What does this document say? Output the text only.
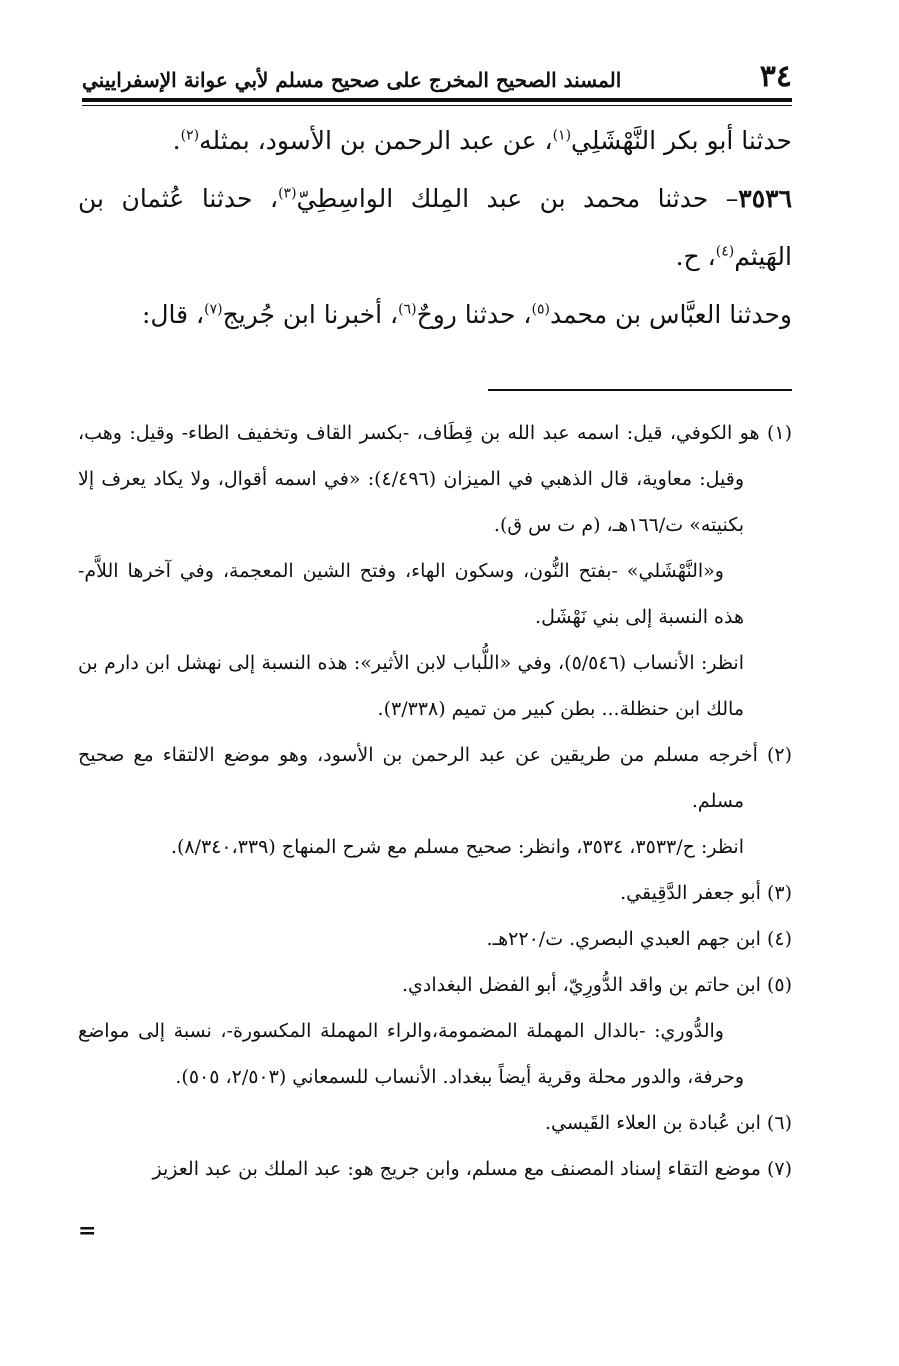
٣٤
المسند الصحيح المخرج على صحيح مسلم لأبي عوانة الإسفراييني

حدثنا أبو بكر النَّهْشَلِي$^{(١)}$، عن عبد الرحمن بن الأسود، بمثله$^{(٢)}$.

٣٥٣٦– حدثنا محمد بن عبد المِلك الواسِطِيّ$^{(٣)}$، حدثنا عُثمان بن الهَيثم$^{(٤)}$، ح.

وحدثنا العبَّاس بن محمد$^{(٥)}$، حدثنا روحٌ$^{(٦)}$، أخبرنا ابن جُريج$^{(٧)}$، قال:

(١) هو الكوفي، قيل: اسمه عبد الله بن قِطَاف، -بكسر القاف وتخفيف الطاء- وقيل: وهب، وقيل: معاوية، قال الذهبي في الميزان (٤/٤٩٦): «في اسمه أقوال، ولا يكاد يعرف إلا بكنيته» ت/١٦٦هـ، (م ت س ق).

و«النَّهْشَلي» -بفتح النُّون، وسكون الهاء، وفتح الشين المعجمة، وفي آخرها اللاَّم- هذه النسبة إلى بني نَهْشَل.

انظر: الأنساب (٥/٥٤٦)، وفي «اللُّباب لابن الأثير»: هذه النسبة إلى نهشل ابن دارم بن مالك ابن حنظلة... بطن كبير من تميم (٣/٣٣٨).

(٢) أخرجه مسلم من طريقين عن عبد الرحمن بن الأسود، وهو موضع الالتقاء مع صحيح مسلم.

انظر: ح/٣٥٣٣، ٣٥٣٤، وانظر: صحيح مسلم مع شرح المنهاج (٨/٣٤٠،٣٣٩).

(٣) أبو جعفر الدَّقِيقي.

(٤) ابن جهم العبدي البصري. ت/٢٢٠هـ.

(٥) ابن حاتم بن واقد الدُّورِيّ، أبو الفضل البغدادي.

والدُّوري: -بالدال المهملة المضمومة،والراء المهملة المكسورة-، نسبة إلى مواضع وحرفة، والدور محلة وقرية أيضاً ببغداد. الأنساب للسمعاني (٢/٥٠٣، ٥٠٥).

(٦) ابن عُبادة بن العلاء القَيسي.

(٧) موضع التقاء إسناد المصنف مع مسلم، وابن جريج هو: عبد الملك بن عبد العزيز

=
